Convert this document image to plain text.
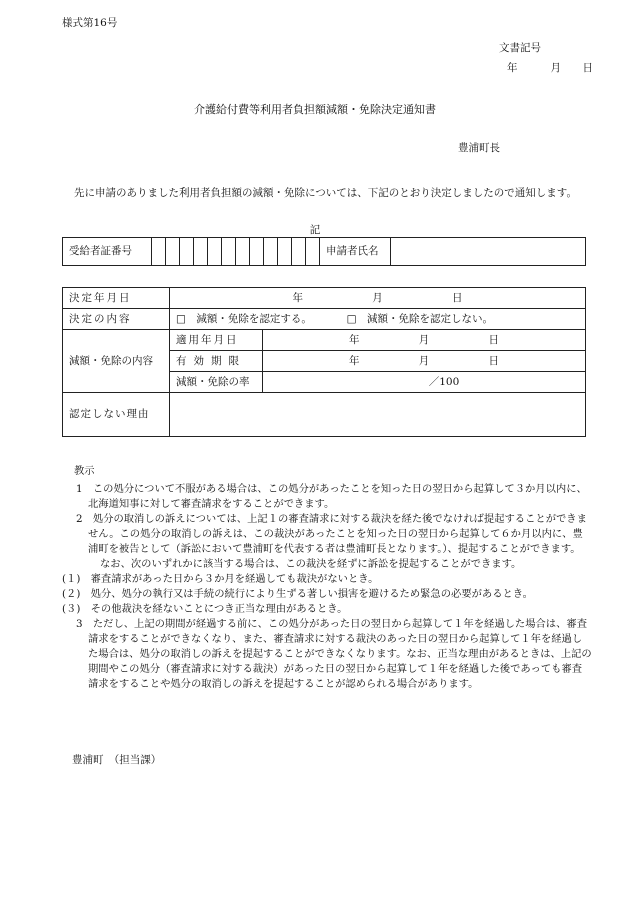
様式第16号
文書記号
年	月 日
介護給付費等利用者負担額減額・免除決定通知書
豊浦町長
先に申請のありました利用者負担額の減額・免除については、下記のとおり決定しましたので通知します。
記
受給者証番号													申請者氏名	
決定年月日	年 月 日	

決定の内容	□　減額・免除を認定する。 □　減額・免除を認定しない。	
減額・免除の内容	適用年月日	年 月 日

	有効期限	年 月 日

	減額・免除の率	／100
認定しない理由		

教示

1　この処分について不服がある場合は、この処分があったことを知った日の翌日から起算して３か月以内に、北海道知事に対して審査請求をすることができます。

2　処分の取消しの訴えについては、上記１の審査請求に対する裁決を経た後でなければ提起することができません。この処分の取消しの訴えは、この裁決があったことを知った日の翌日から起算して６か月以内に、豊浦町を被告として（訴訟において豊浦町を代表する者は豊浦町長となります。）、提起することができます。

なお、次のいずれかに該当する場合は、この裁決を経ずに訴訟を提起することができます。

(１)　審査請求があった日から３か月を経過しても裁決がないとき。

(２)　処分、処分の執行又は手続の続行により生ずる著しい損害を避けるため緊急の必要があるとき。

(３)　その他裁決を経ないことにつき正当な理由があるとき。

3　ただし、上記の期間が経過する前に、この処分があった日の翌日から起算して１年を経過した場合は、審査請求をすることができなくなり、また、審査請求に対する裁決のあった日の翌日から起算して１年を経過した場合は、処分の取消しの訴えを提起することができなくなります。なお、正当な理由があるときは、上記の期間やこの処分（審査請求に対する裁決）があった日の翌日から起算して１年を経過した後であっても審査請求をすることや処分の取消しの訴えを提起することが認められる場合があります。

豊浦町　（担当課）
